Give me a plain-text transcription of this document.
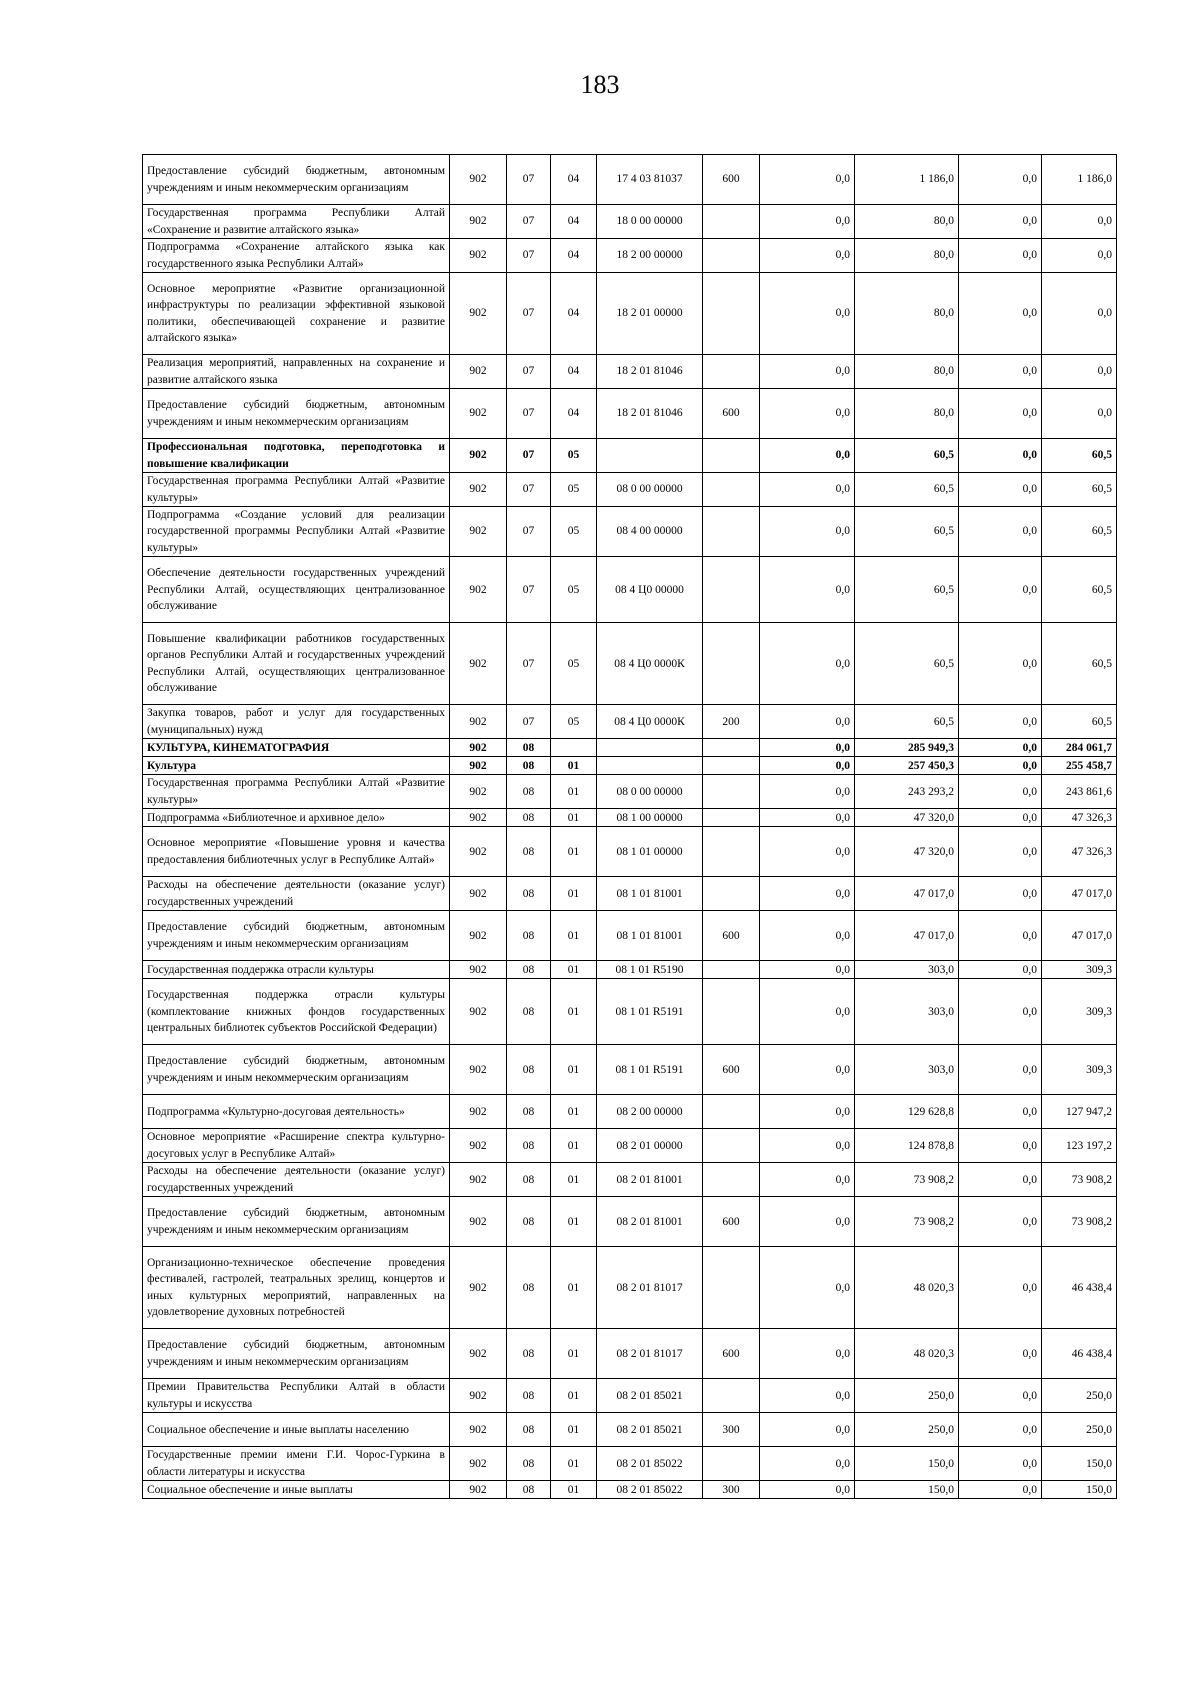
183
Предоставление субсидий бюджетным, автономным учреждениям и иным некоммерческим организациям	902	07	04	17 4 03 81037	600	0,0	1 186,0	0,0	1 186,0
Государственная программа Республики Алтай «Сохранение и развитие алтайского языка»	902	07	04	18 0 00 00000		0,0	80,0	0,0	0,0
Подпрограмма «Сохранение алтайского языка как государственного языка Республики Алтай»	902	07	04	18 2 00 00000		0,0	80,0	0,0	0,0
Основное мероприятие «Развитие организационной инфраструктуры по реализации эффективной языковой политики, обеспечивающей сохранение и развитие алтайского языка»	902	07	04	18 2 01 00000		0,0	80,0	0,0	0,0
Реализация мероприятий, направленных на сохранение и развитие алтайского языка	902	07	04	18 2 01 81046		0,0	80,0	0,0	0,0
Предоставление субсидий бюджетным, автономным учреждениям и иным некоммерческим организациям	902	07	04	18 2 01 81046	600	0,0	80,0	0,0	0,0
Профессиональная подготовка, переподготовка и повышение квалификации	902	07	05			0,0	60,5	0,0	60,5
Государственная программа Республики Алтай «Развитие культуры»	902	07	05	08 0 00 00000		0,0	60,5	0,0	60,5
Подпрограмма «Создание условий для реализации государственной программы Республики Алтай «Развитие культуры»	902	07	05	08 4 00 00000		0,0	60,5	0,0	60,5
Обеспечение деятельности государственных учреждений Республики Алтай, осуществляющих централизованное обслуживание	902	07	05	08 4 Ц0 00000		0,0	60,5	0,0	60,5
Повышение квалификации работников государственных органов Республики Алтай и государственных учреждений Республики Алтай, осуществляющих централизованное обслуживание	902	07	05	08 4 Ц0 0000К		0,0	60,5	0,0	60,5
Закупка товаров, работ и услуг для государственных (муниципальных) нужд	902	07	05	08 4 Ц0 0000К	200	0,0	60,5	0,0	60,5
КУЛЬТУРА, КИНЕМАТОГРАФИЯ	902	08				0,0	285 949,3	0,0	284 061,7
Культура	902	08	01			0,0	257 450,3	0,0	255 458,7
Государственная программа Республики Алтай «Развитие культуры»	902	08	01	08 0 00 00000		0,0	243 293,2	0,0	243 861,6
Подпрограмма «Библиотечное и архивное дело»	902	08	01	08 1 00 00000		0,0	47 320,0	0,0	47 326,3
Основное мероприятие «Повышение уровня и качества предоставления библиотечных услуг в Республике Алтай»	902	08	01	08 1 01 00000		0,0	47 320,0	0,0	47 326,3
Расходы на обеспечение деятельности (оказание услуг) государственных учреждений	902	08	01	08 1 01 81001		0,0	47 017,0	0,0	47 017,0
Предоставление субсидий бюджетным, автономным учреждениям и иным некоммерческим организациям	902	08	01	08 1 01 81001	600	0,0	47 017,0	0,0	47 017,0
Государственная поддержка отрасли культуры	902	08	01	08 1 01 R5190		0,0	303,0	0,0	309,3
Государственная поддержка отрасли культуры (комплектование книжных фондов государственных центральных библиотек субъектов Российской Федерации)	902	08	01	08 1 01 R5191		0,0	303,0	0,0	309,3
Предоставление субсидий бюджетным, автономным учреждениям и иным некоммерческим организациям	902	08	01	08 1 01 R5191	600	0,0	303,0	0,0	309,3
Подпрограмма «Культурно-досуговая деятельность»	902	08	01	08 2 00 00000		0,0	129 628,8	0,0	127 947,2
Основное мероприятие «Расширение спектра культурно-досуговых услуг в Республике Алтай»	902	08	01	08 2 01 00000		0,0	124 878,8	0,0	123 197,2
Расходы на обеспечение деятельности (оказание услуг) государственных учреждений	902	08	01	08 2 01 81001		0,0	73 908,2	0,0	73 908,2
Предоставление субсидий бюджетным, автономным учреждениям и иным некоммерческим организациям	902	08	01	08 2 01 81001	600	0,0	73 908,2	0,0	73 908,2
Организационно-техническое обеспечение проведения фестивалей, гастролей, театральных зрелищ, концертов и иных культурных мероприятий, направленных на удовлетворение духовных потребностей	902	08	01	08 2 01 81017		0,0	48 020,3	0,0	46 438,4
Предоставление субсидий бюджетным, автономным учреждениям и иным некоммерческим организациям	902	08	01	08 2 01 81017	600	0,0	48 020,3	0,0	46 438,4
Премии Правительства Республики Алтай в области культуры и искусства	902	08	01	08 2 01 85021		0,0	250,0	0,0	250,0
Социальное обеспечение и иные выплаты населению	902	08	01	08 2 01 85021	300	0,0	250,0	0,0	250,0
Государственные премии имени Г.И. Чорос-Гуркина в области литературы и искусства	902	08	01	08 2 01 85022		0,0	150,0	0,0	150,0
Социальное обеспечение и иные выплаты	902	08	01	08 2 01 85022	300	0,0	150,0	0,0	150,0
